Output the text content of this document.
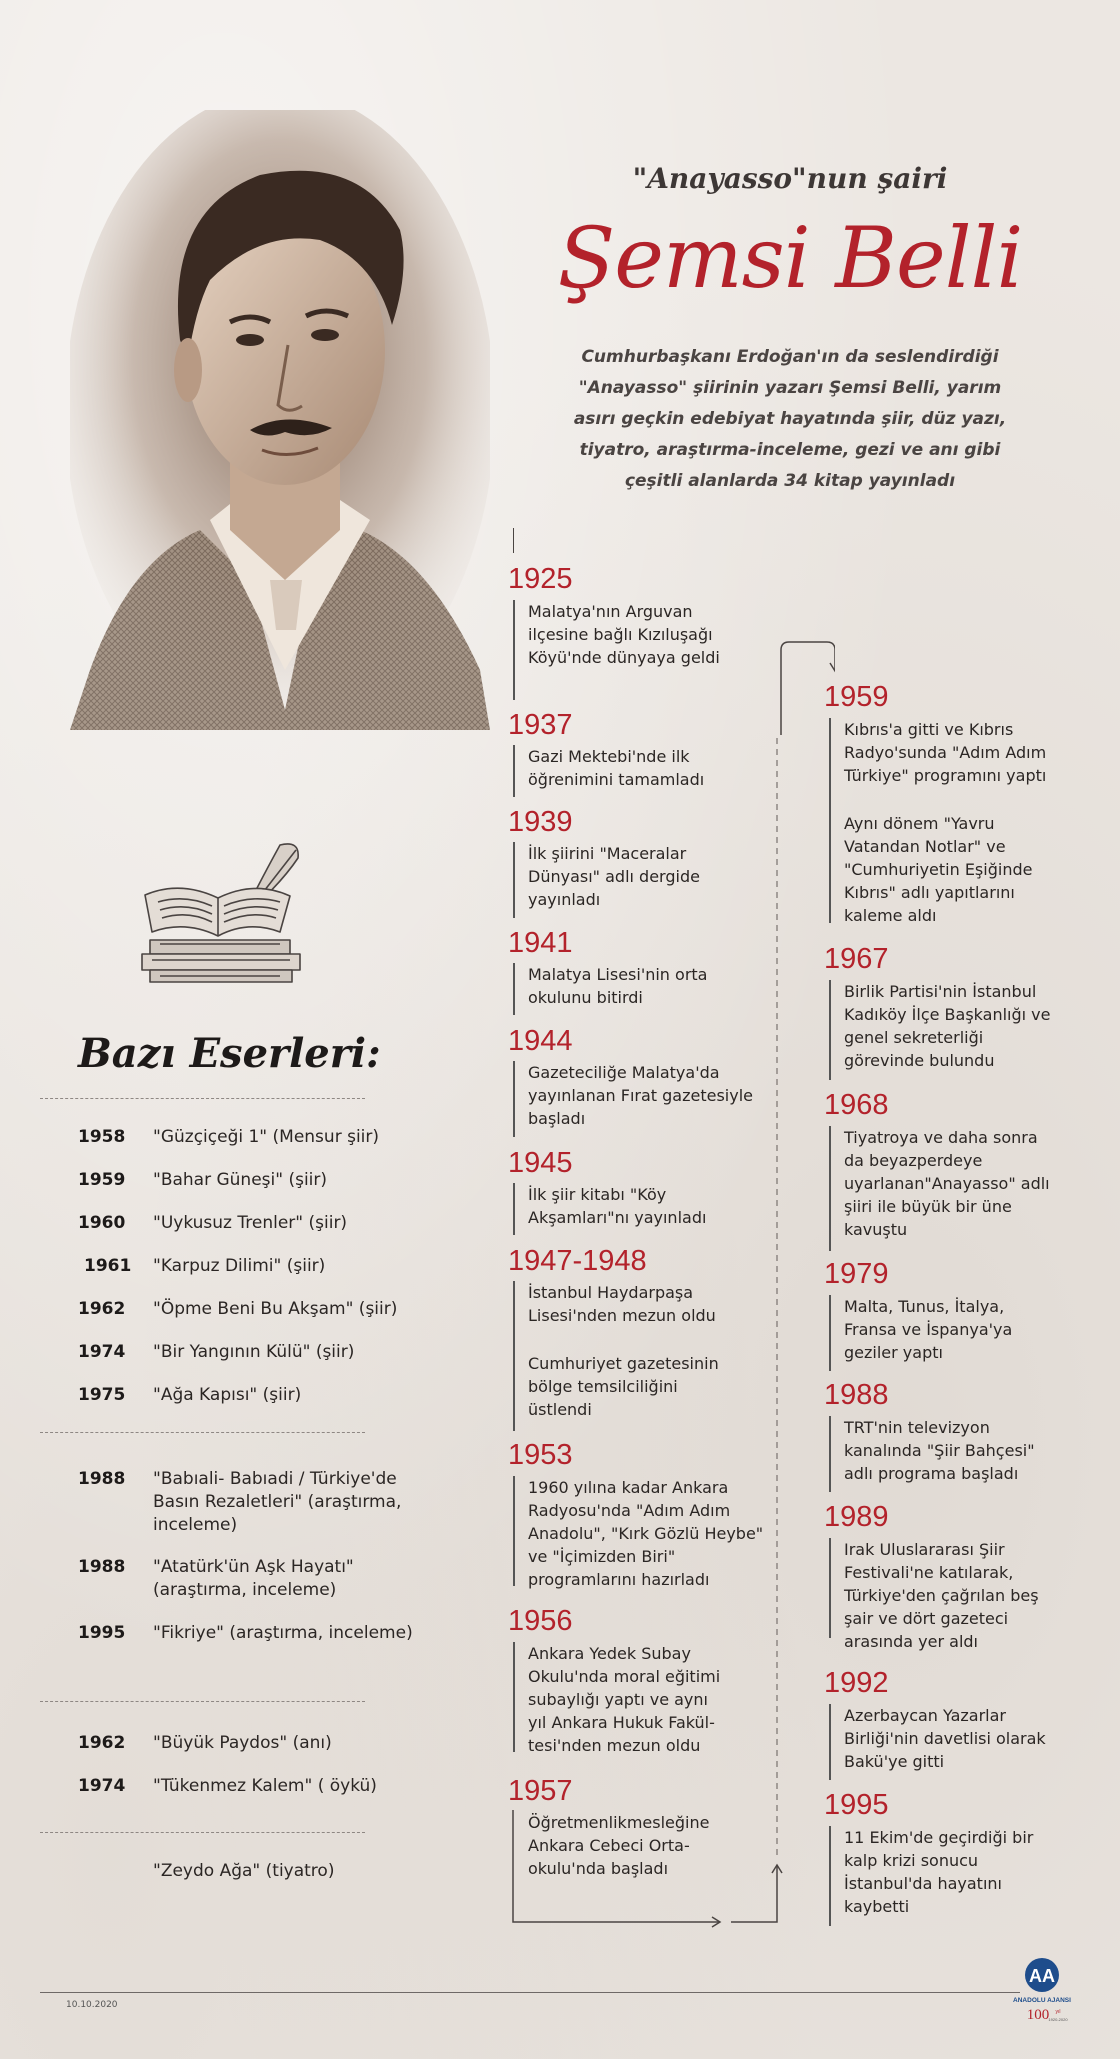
"Anayasso"nun şairi
Şemsi Belli
Cumhurbaşkanı Erdoğan'ın da seslendirdiği "Anayasso" şiirinin yazarı Şemsi Belli, yarım asırı geçkin edebiyat hayatında şiir, düz yazı, tiyatro, araştırma-inceleme, gezi ve anı gibi çeşitli alanlarda 34 kitap yayınladı
Bazı Eserleri:
1958	"Güzçiçeği 1" (Mensur şiir)
1959	"Bahar Güneşi" (şiir)
1960	"Uykusuz Trenler" (şiir)
1961	"Karpuz Dilimi" (şiir)
1962	"Öpme Beni Bu Akşam" (şiir)
1974	"Bir Yangının Külü" (şiir)
1975	"Ağa Kapısı" (şiir)
1988	"Babıali- Babıadi / Türkiye'de Basın Rezaletleri" (araştırma, inceleme)
1988	"Atatürk'ün Aşk Hayatı" (araştırma, inceleme)
1995	"Fikriye" (araştırma, inceleme)
1962	"Büyük Paydos" (anı)
1974	"Tükenmez Kalem" ( öykü)
"Zeydo Ağa" (tiyatro)
1925
Malatya'nın Arguvan ilçesine bağlı Kızıluşağı Köyü'nde dünyaya geldi
1937
Gazi Mektebi'nde ilk öğrenimini tamamladı
1939
İlk şiirini "Maceralar Dünyası" adlı dergide yayınladı
1941
Malatya Lisesi'nin orta okulunu bitirdi
1944
Gazeteciliğe Malatya'da yayınlanan Fırat gazetesiyle başladı
1945
İlk şiir kitabı "Köy Akşamları"nı yayınladı
1947-1948
İstanbul Haydarpaşa Lisesi'nden mezun oldu
Cumhuriyet gazetesinin bölge temsilciliğini üstlendi
1953
1960 yılına kadar Ankara Radyosu'nda "Adım Adım Anadolu", "Kırk Gözlü Heybe" ve "İçimizden Biri" programlarını hazırladı
1956
Ankara Yedek Subay Okulu'nda moral eğitimi subaylığı yaptı ve aynı yıl Ankara Hukuk Fakül-tesi'nden mezun oldu
1957
Öğretmenlikmesleğine Ankara Cebeci Orta-okulu'nda başladı
1959
Kıbrıs'a gitti ve Kıbrıs Radyo'sunda "Adım Adım Türkiye" programını yaptı
Aynı dönem "Yavru Vatandan Notlar" ve "Cumhuriyetin Eşiğinde Kıbrıs" adlı yapıtlarını kaleme aldı
1967
Birlik Partisi'nin İstanbul Kadıköy İlçe Başkanlığı ve genel sekreterliği görevinde bulundu
1968
Tiyatroya ve daha sonra da beyazperdeye uyarlanan"Anayasso" adlı şiiri ile büyük bir üne kavuştu
1979
Malta, Tunus, İtalya, Fransa ve İspanya'ya geziler yaptı
1988
TRT'nin televizyon kanalında "Şiir Bahçesi" adlı programa başladı
1989
Irak Uluslararası Şiir Festivali'ne katılarak, Türkiye'den çağrılan beş şair ve dört gazeteci arasında yer aldı
1992
Azerbaycan Yazarlar Birliği'nin davetlisi olarak Bakü'ye gitti
1995
11 Ekim'de geçirdiği bir kalp krizi sonucu İstanbul'da hayatını kaybetti
10.10.2020
AA
ANADOLU AJANSI
100 yıl
1920-2020
